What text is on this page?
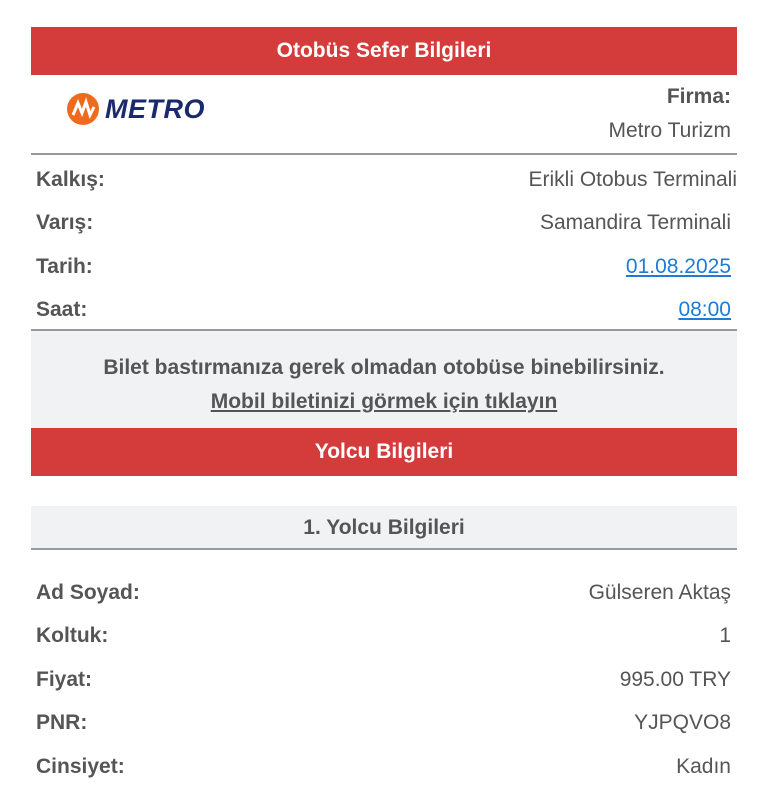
Otobüs Sefer Bilgileri
METRO	Firma:
Metro Turizm
Kalkış:	Erikli Otobus Terminali
Varış:	Samandira Terminali
Tarih:	01.08.2025
Saat:	08:00
Bilet bastırmanıza gerek olmadan otobüse binebilirsiniz.
Mobil biletinizi görmek için tıklayın
Yolcu Bilgileri
1. Yolcu Bilgileri
Ad Soyad:	Gülseren Aktaş
Koltuk:	1
Fiyat:	995.00 TRY
PNR:	YJPQVO8
Cinsiyet:	Kadın
